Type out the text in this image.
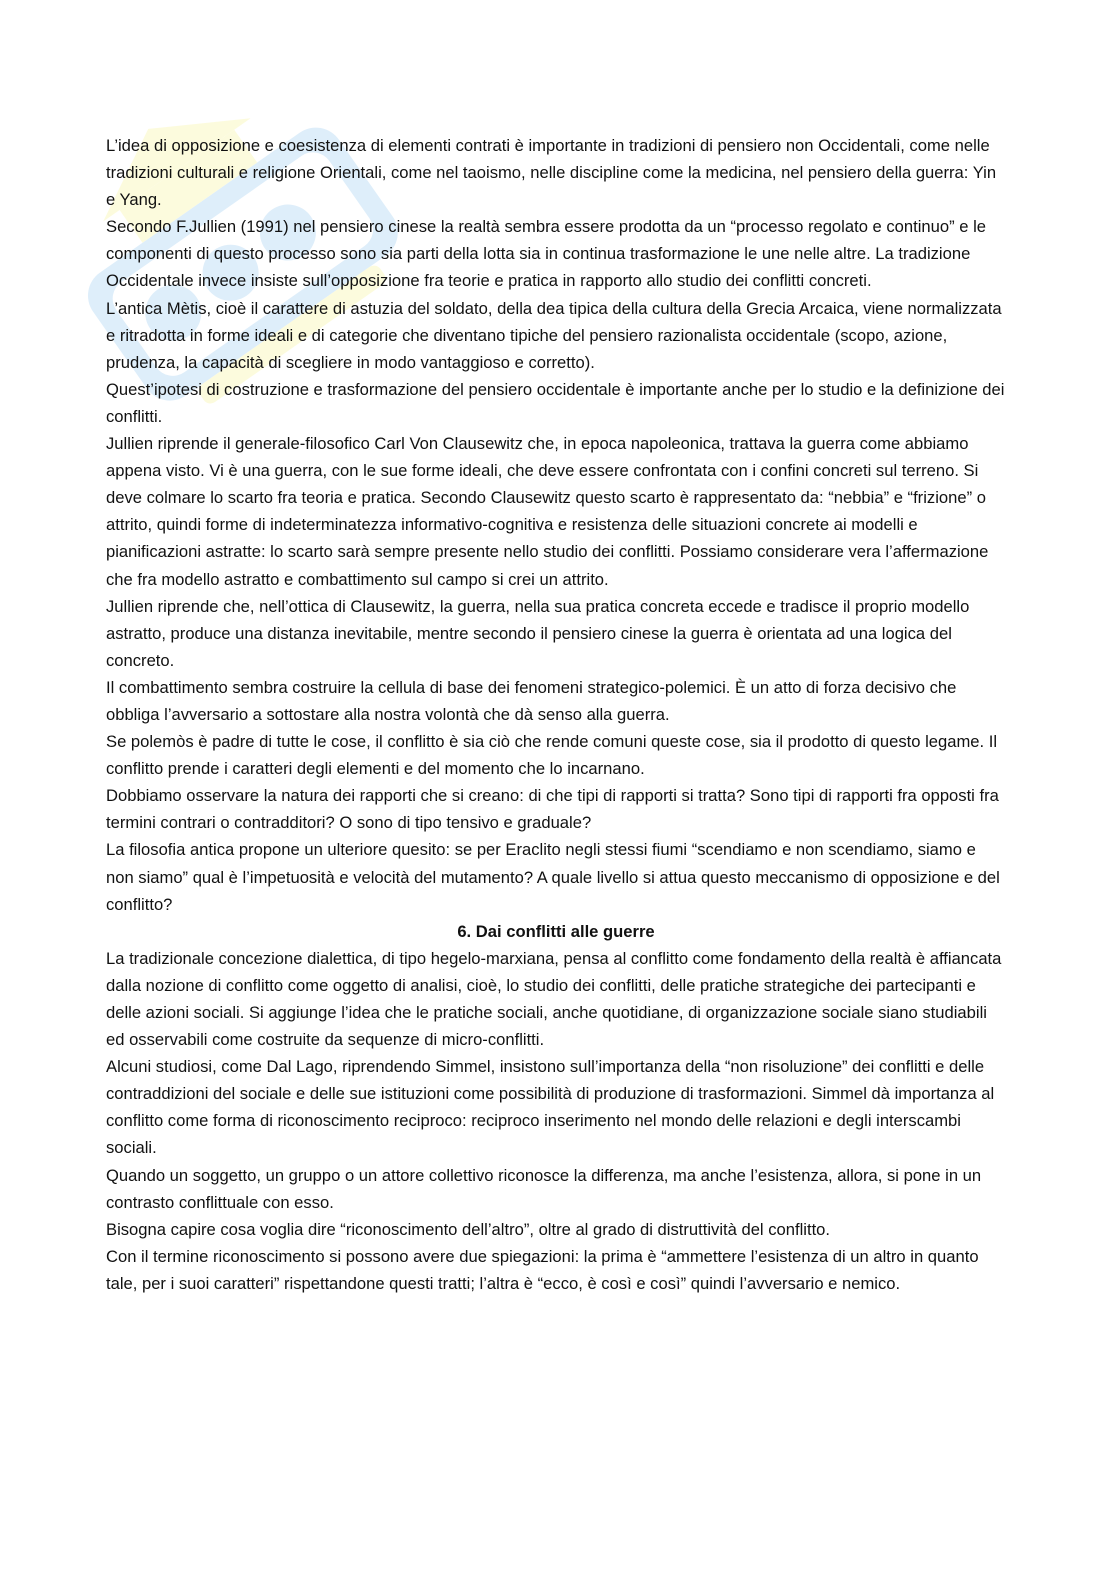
L’idea di opposizione e coesistenza di elementi contrati è importante in tradizioni di pensiero non Occidentali, come nelle tradizioni culturali e religione Orientali, come nel taoismo, nelle discipline come la medicina, nel pensiero della guerra: Yin e Yang.

Secondo F.Jullien (1991) nel pensiero cinese la realtà sembra essere prodotta da un “processo regolato e continuo” e le componenti di questo processo sono sia parti della lotta sia in continua trasformazione le une nelle altre. La tradizione Occidentale invece insiste sull’opposizione fra teorie e pratica in rapporto allo studio dei conflitti concreti.

L’antica Mètis, cioè il carattere di astuzia del soldato, della dea tipica della cultura della Grecia Arcaica, viene normalizzata e ritradotta in forme ideali e di categorie che diventano tipiche del pensiero razionalista occidentale (scopo, azione, prudenza, la capacità di scegliere in modo vantaggioso e corretto).

Quest’ipotesi di costruzione e trasformazione del pensiero occidentale è importante anche per lo studio e la definizione dei conflitti.

Jullien riprende il generale-filosofico Carl Von Clausewitz che, in epoca napoleonica, trattava la guerra come abbiamo appena visto. Vi è una guerra, con le sue forme ideali, che deve essere confrontata con i confini concreti sul terreno. Si deve colmare lo scarto fra teoria e pratica. Secondo Clausewitz questo scarto è rappresentato da: “nebbia” e “frizione” o attrito, quindi forme di indeterminatezza informativo-cognitiva e resistenza delle situazioni concrete ai modelli e pianificazioni astratte: lo scarto sarà sempre presente nello studio dei conflitti. Possiamo considerare vera l’affermazione che fra modello astratto e combattimento sul campo si crei un attrito.

Jullien riprende che, nell’ottica di Clausewitz, la guerra, nella sua pratica concreta eccede e tradisce il proprio modello astratto, produce una distanza inevitabile, mentre secondo il pensiero cinese la guerra è orientata ad una logica del concreto.

Il combattimento sembra costruire la cellula di base dei fenomeni strategico-polemici. È un atto di forza decisivo che obbliga l’avversario a sottostare alla nostra volontà che dà senso alla guerra.

Se polemòs è padre di tutte le cose, il conflitto è sia ciò che rende comuni queste cose, sia il prodotto di questo legame. Il conflitto prende i caratteri degli elementi e del momento che lo incarnano.

Dobbiamo osservare la natura dei rapporti che si creano: di che tipi di rapporti si tratta? Sono tipi di rapporti fra opposti fra termini contrari o contradditori? O sono di tipo tensivo e graduale?

La filosofia antica propone un ulteriore quesito: se per Eraclito negli stessi fiumi “scendiamo e non scendiamo, siamo e non siamo” qual è l’impetuosità e velocità del mutamento? A quale livello si attua questo meccanismo di opposizione e del conflitto?

6. Dai conflitti alle guerre

La tradizionale concezione dialettica, di tipo hegelo-marxiana, pensa al conflitto come fondamento della realtà è affiancata dalla nozione di conflitto come oggetto di analisi, cioè, lo studio dei conflitti, delle pratiche strategiche dei partecipanti e delle azioni sociali. Si aggiunge l’idea che le pratiche sociali, anche quotidiane, di organizzazione sociale siano studiabili ed osservabili come costruite da sequenze di micro-conflitti.

Alcuni studiosi, come Dal Lago, riprendendo Simmel, insistono sull’importanza della “non risoluzione” dei conflitti e delle contraddizioni del sociale e delle sue istituzioni come possibilità di produzione di trasformazioni. Simmel dà importanza al conflitto come forma di riconoscimento reciproco: reciproco inserimento nel mondo delle relazioni e degli interscambi sociali.

Quando un soggetto, un gruppo o un attore collettivo riconosce la differenza, ma anche l’esistenza, allora, si pone in un contrasto conflittuale con esso.

Bisogna capire cosa voglia dire “riconoscimento dell’altro”, oltre al grado di distruttività del conflitto.

Con il termine riconoscimento si possono avere due spiegazioni: la prima è “ammettere l’esistenza di un altro in quanto tale, per i suoi caratteri” rispettandone questi tratti; l’altra è “ecco, è così e così” quindi l’avversario e nemico.
